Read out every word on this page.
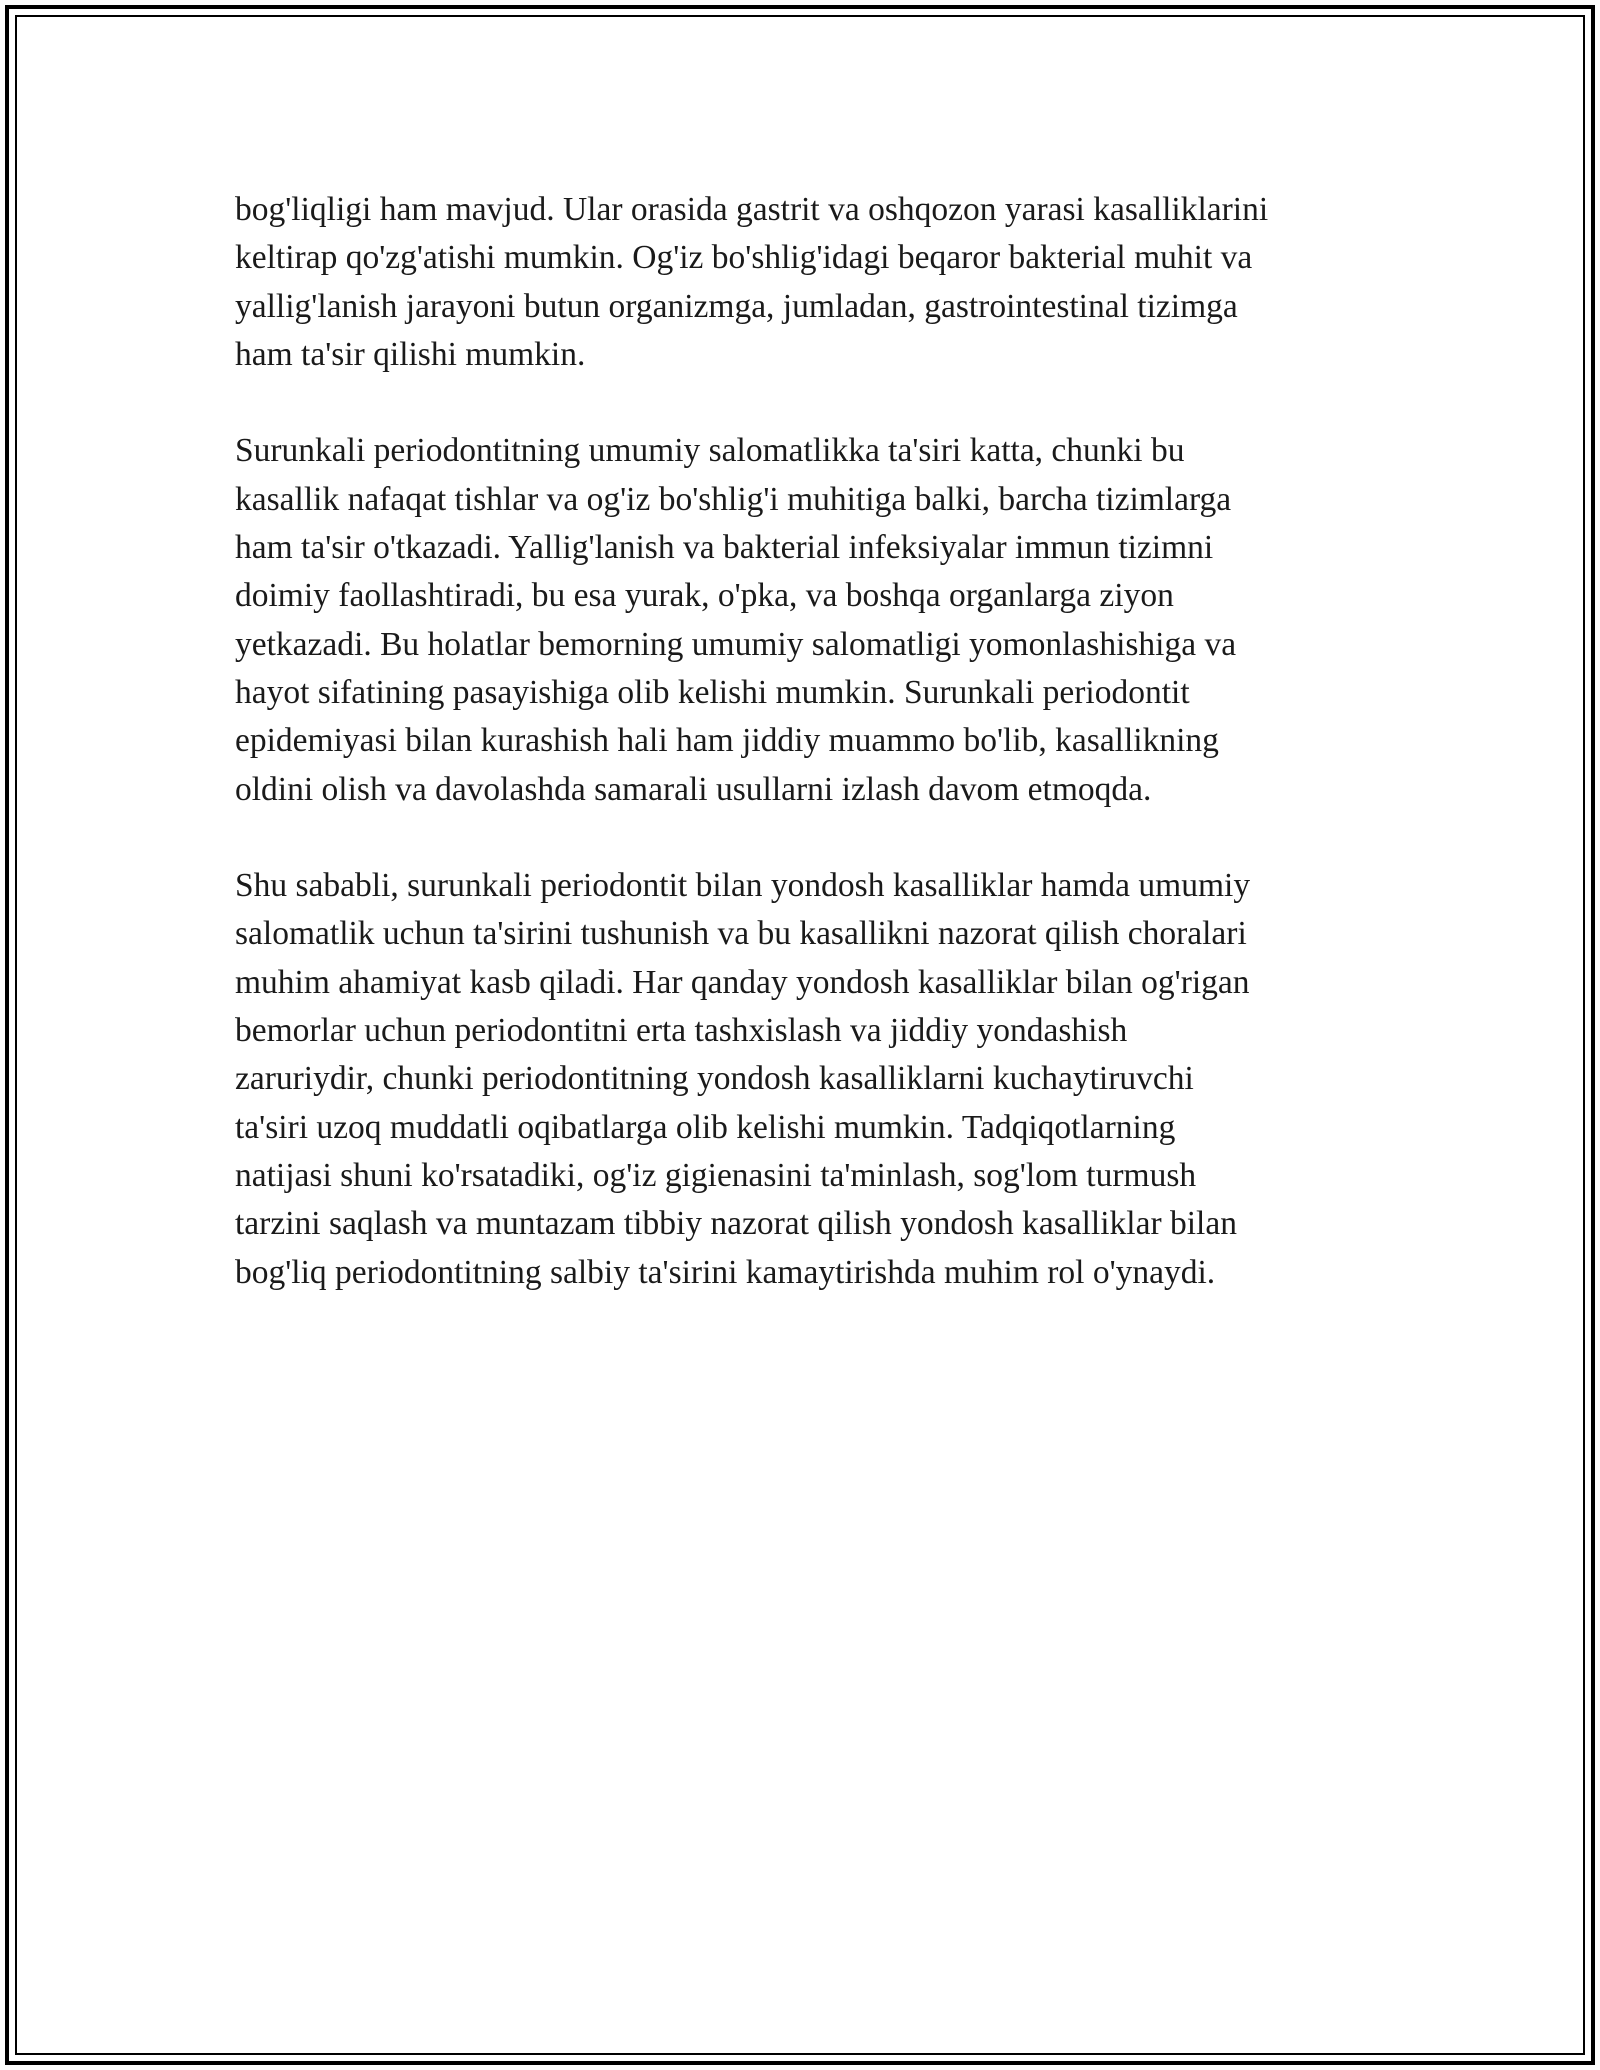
bog'liqligi ham mavjud. Ular orasida gastrit va oshqozon yarasi kasalliklarini
keltirap qo'zg'atishi mumkin. Og'iz bo'shlig'idagi beqaror bakterial muhit va
yallig'lanish jarayoni butun organizmga, jumladan, gastrointestinal tizimga
ham ta'sir qilishi mumkin.

Surunkali periodontitning umumiy salomatlikka ta'siri katta, chunki bu
kasallik nafaqat tishlar va og'iz bo'shlig'i muhitiga balki, barcha tizimlarga
ham ta'sir o'tkazadi. Yallig'lanish va bakterial infeksiyalar immun tizimni
doimiy faollashtiradi, bu esa yurak, o'pka, va boshqa organlarga ziyon
yetkazadi. Bu holatlar bemorning umumiy salomatligi yomonlashishiga va
hayot sifatining pasayishiga olib kelishi mumkin. Surunkali periodontit
epidemiyasi bilan kurashish hali ham jiddiy muammo bo'lib, kasallikning
oldini olish va davolashda samarali usullarni izlash davom etmoqda.

Shu sababli, surunkali periodontit bilan yondosh kasalliklar hamda umumiy
salomatlik uchun ta'sirini tushunish va bu kasallikni nazorat qilish choralari
muhim ahamiyat kasb qiladi. Har qanday yondosh kasalliklar bilan og'rigan
bemorlar uchun periodontitni erta tashxislash va jiddiy yondashish
zaruriydir, chunki periodontitning yondosh kasalliklarni kuchaytiruvchi
ta'siri uzoq muddatli oqibatlarga olib kelishi mumkin. Tadqiqotlarning
natijasi shuni ko'rsatadiki, og'iz gigienasini ta'minlash, sog'lom turmush
tarzini saqlash va muntazam tibbiy nazorat qilish yondosh kasalliklar bilan
bog'liq periodontitning salbiy ta'sirini kamaytirishda muhim rol o'ynaydi.
